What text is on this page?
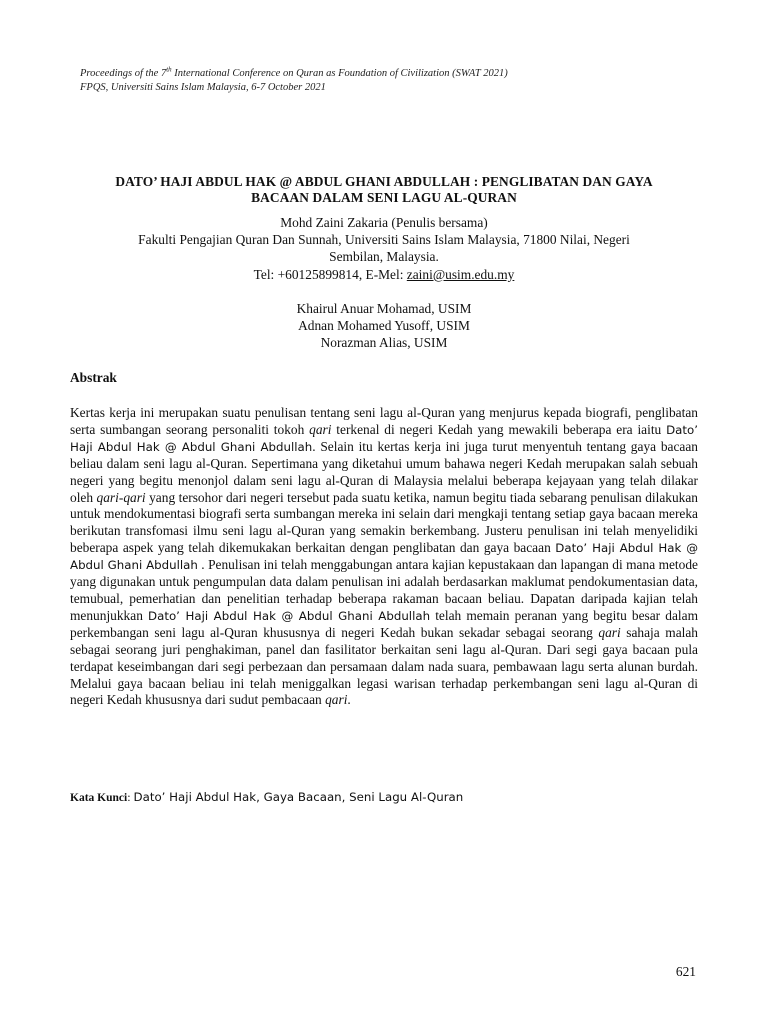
Proceedings of the 7th International Conference on Quran as Foundation of Civilization (SWAT 2021)
FPQS, Universiti Sains Islam Malaysia, 6-7 October 2021
DATO’ HAJI ABDUL HAK @ ABDUL GHANI ABDULLAH : PENGLIBATAN DAN GAYA
BACAAN DALAM SENI LAGU AL-QURAN
Mohd Zaini Zakaria (Penulis bersama)
Fakulti Pengajian Quran Dan Sunnah, Universiti Sains Islam Malaysia, 71800 Nilai, Negeri
Sembilan, Malaysia.
Tel: +60125899814, E-Mel: zaini@usim.edu.my
Khairul Anuar Mohamad, USIM
Adnan Mohamed Yusoff, USIM
Norazman Alias, USIM
Abstrak
Kertas kerja ini merupakan suatu penulisan tentang seni lagu al-Quran yang menjurus kepada biografi, penglibatan serta sumbangan seorang personaliti tokoh qari terkenal di negeri Kedah yang mewakili beberapa era iaitu Dato’ Haji Abdul Hak @ Abdul Ghani Abdullah. Selain itu kertas kerja ini juga turut menyentuh tentang gaya bacaan beliau dalam seni lagu al-Quran. Sepertimana yang diketahui umum bahawa negeri Kedah merupakan salah sebuah negeri yang begitu menonjol dalam seni lagu al-Quran di Malaysia melalui beberapa kejayaan yang telah dilakar oleh qari-qari yang tersohor dari negeri tersebut pada suatu ketika, namun begitu tiada sebarang penulisan dilakukan untuk mendokumentasi biografi serta sumbangan mereka ini selain dari mengkaji tentang setiap gaya bacaan mereka berikutan transfomasi ilmu seni lagu al-Quran yang semakin berkembang. Justeru penulisan ini telah menyelidiki beberapa aspek yang telah dikemukakan berkaitan dengan penglibatan dan gaya bacaan Dato’ Haji Abdul Hak @ Abdul Ghani Abdullah . Penulisan ini telah menggabungan antara kajian kepustakaan dan lapangan di mana metode yang digunakan untuk pengumpulan data dalam penulisan ini adalah berdasarkan maklumat pendokumentasian data, temubual, pemerhatian dan penelitian terhadap beberapa rakaman bacaan beliau. Dapatan daripada kajian telah menunjukkan Dato’ Haji Abdul Hak @ Abdul Ghani Abdullah telah memain peranan yang begitu besar dalam perkembangan seni lagu al-Quran khususnya di negeri Kedah bukan sekadar sebagai seorang qari sahaja malah sebagai seorang juri penghakiman, panel dan fasilitator berkaitan seni lagu al-Quran. Dari segi gaya bacaan pula terdapat keseimbangan dari segi perbezaan dan persamaan dalam nada suara, pembawaan lagu serta alunan burdah. Melalui gaya bacaan beliau ini telah meniggalkan legasi warisan terhadap perkembangan seni lagu al-Quran di negeri Kedah khususnya dari sudut pembacaan qari.
Kata Kunci: Dato’ Haji Abdul Hak, Gaya Bacaan, Seni Lagu Al-Quran
621
